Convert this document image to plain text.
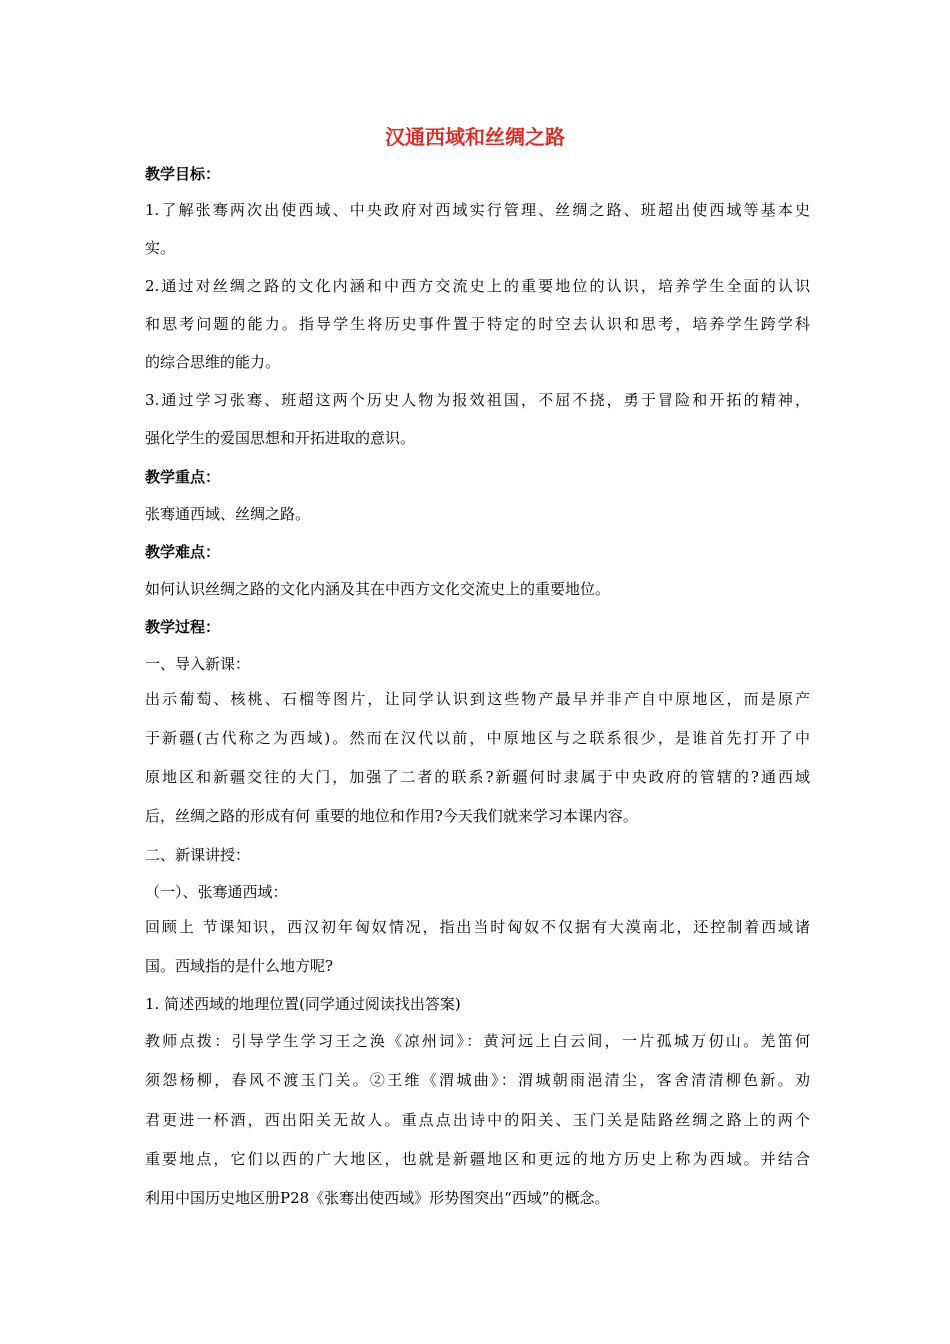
汉通西域和丝绸之路
教学目标：
1.了解张骞两次出使西域、中央政府对西域实行管理、丝绸之路、班超出使西域等基本史
实。
2.通过对丝绸之路的文化内涵和中西方交流史上的重要地位的认识，培养学生全面的认识
和思考问题的能力。指导学生将历史事件置于特定的时空去认识和思考，培养学生跨学科
的综合思维的能力。
3.通过学习张骞、班超这两个历史人物为报效祖国，不屈不挠，勇于冒险和开拓的精神，
强化学生的爱国思想和开拓进取的意识。
教学重点：
张骞通西域、丝绸之路。
教学难点：
如何认识丝绸之路的文化内涵及其在中西方文化交流史上的重要地位。
教学过程：
一、导入新课：
出示葡萄、核桃、石榴等图片，让同学认识到这些物产最早并非产自中原地区，而是原产
于新疆(古代称之为西域)。然而在汉代以前，中原地区与之联系很少，是谁首先打开了中
原地区和新疆交往的大门，加强了二者的联系?新疆何时隶属于中央政府的管辖的?通西域
后，丝绸之路的形成有何 重要的地位和作用?今天我们就来学习本课内容。
二、新课讲授：
（一）、张骞通西域：
回顾上 节课知识，西汉初年匈奴情况，指出当时匈奴不仅据有大漠南北，还控制着西域诸
国。西域指的是什么地方呢?
1. 简述西域的地理位置(同学通过阅读找出答案)
教师点拨：引导学生学习王之涣《凉州词》：黄河远上白云间，一片孤城万仞山。羌笛何
须怨杨柳，春风不渡玉门关。②王维《渭城曲》：渭城朝雨浥清尘，客舍清清柳色新。劝
君更进一杯酒，西出阳关无故人。重点点出诗中的阳关、玉门关是陆路丝绸之路上的两个
重要地点，它们以西的广大地区，也就是新疆地区和更远的地方历史上称为西域。并结合
利用中国历史地区册P28《张骞出使西域》形势图突出“西域”的概念。
